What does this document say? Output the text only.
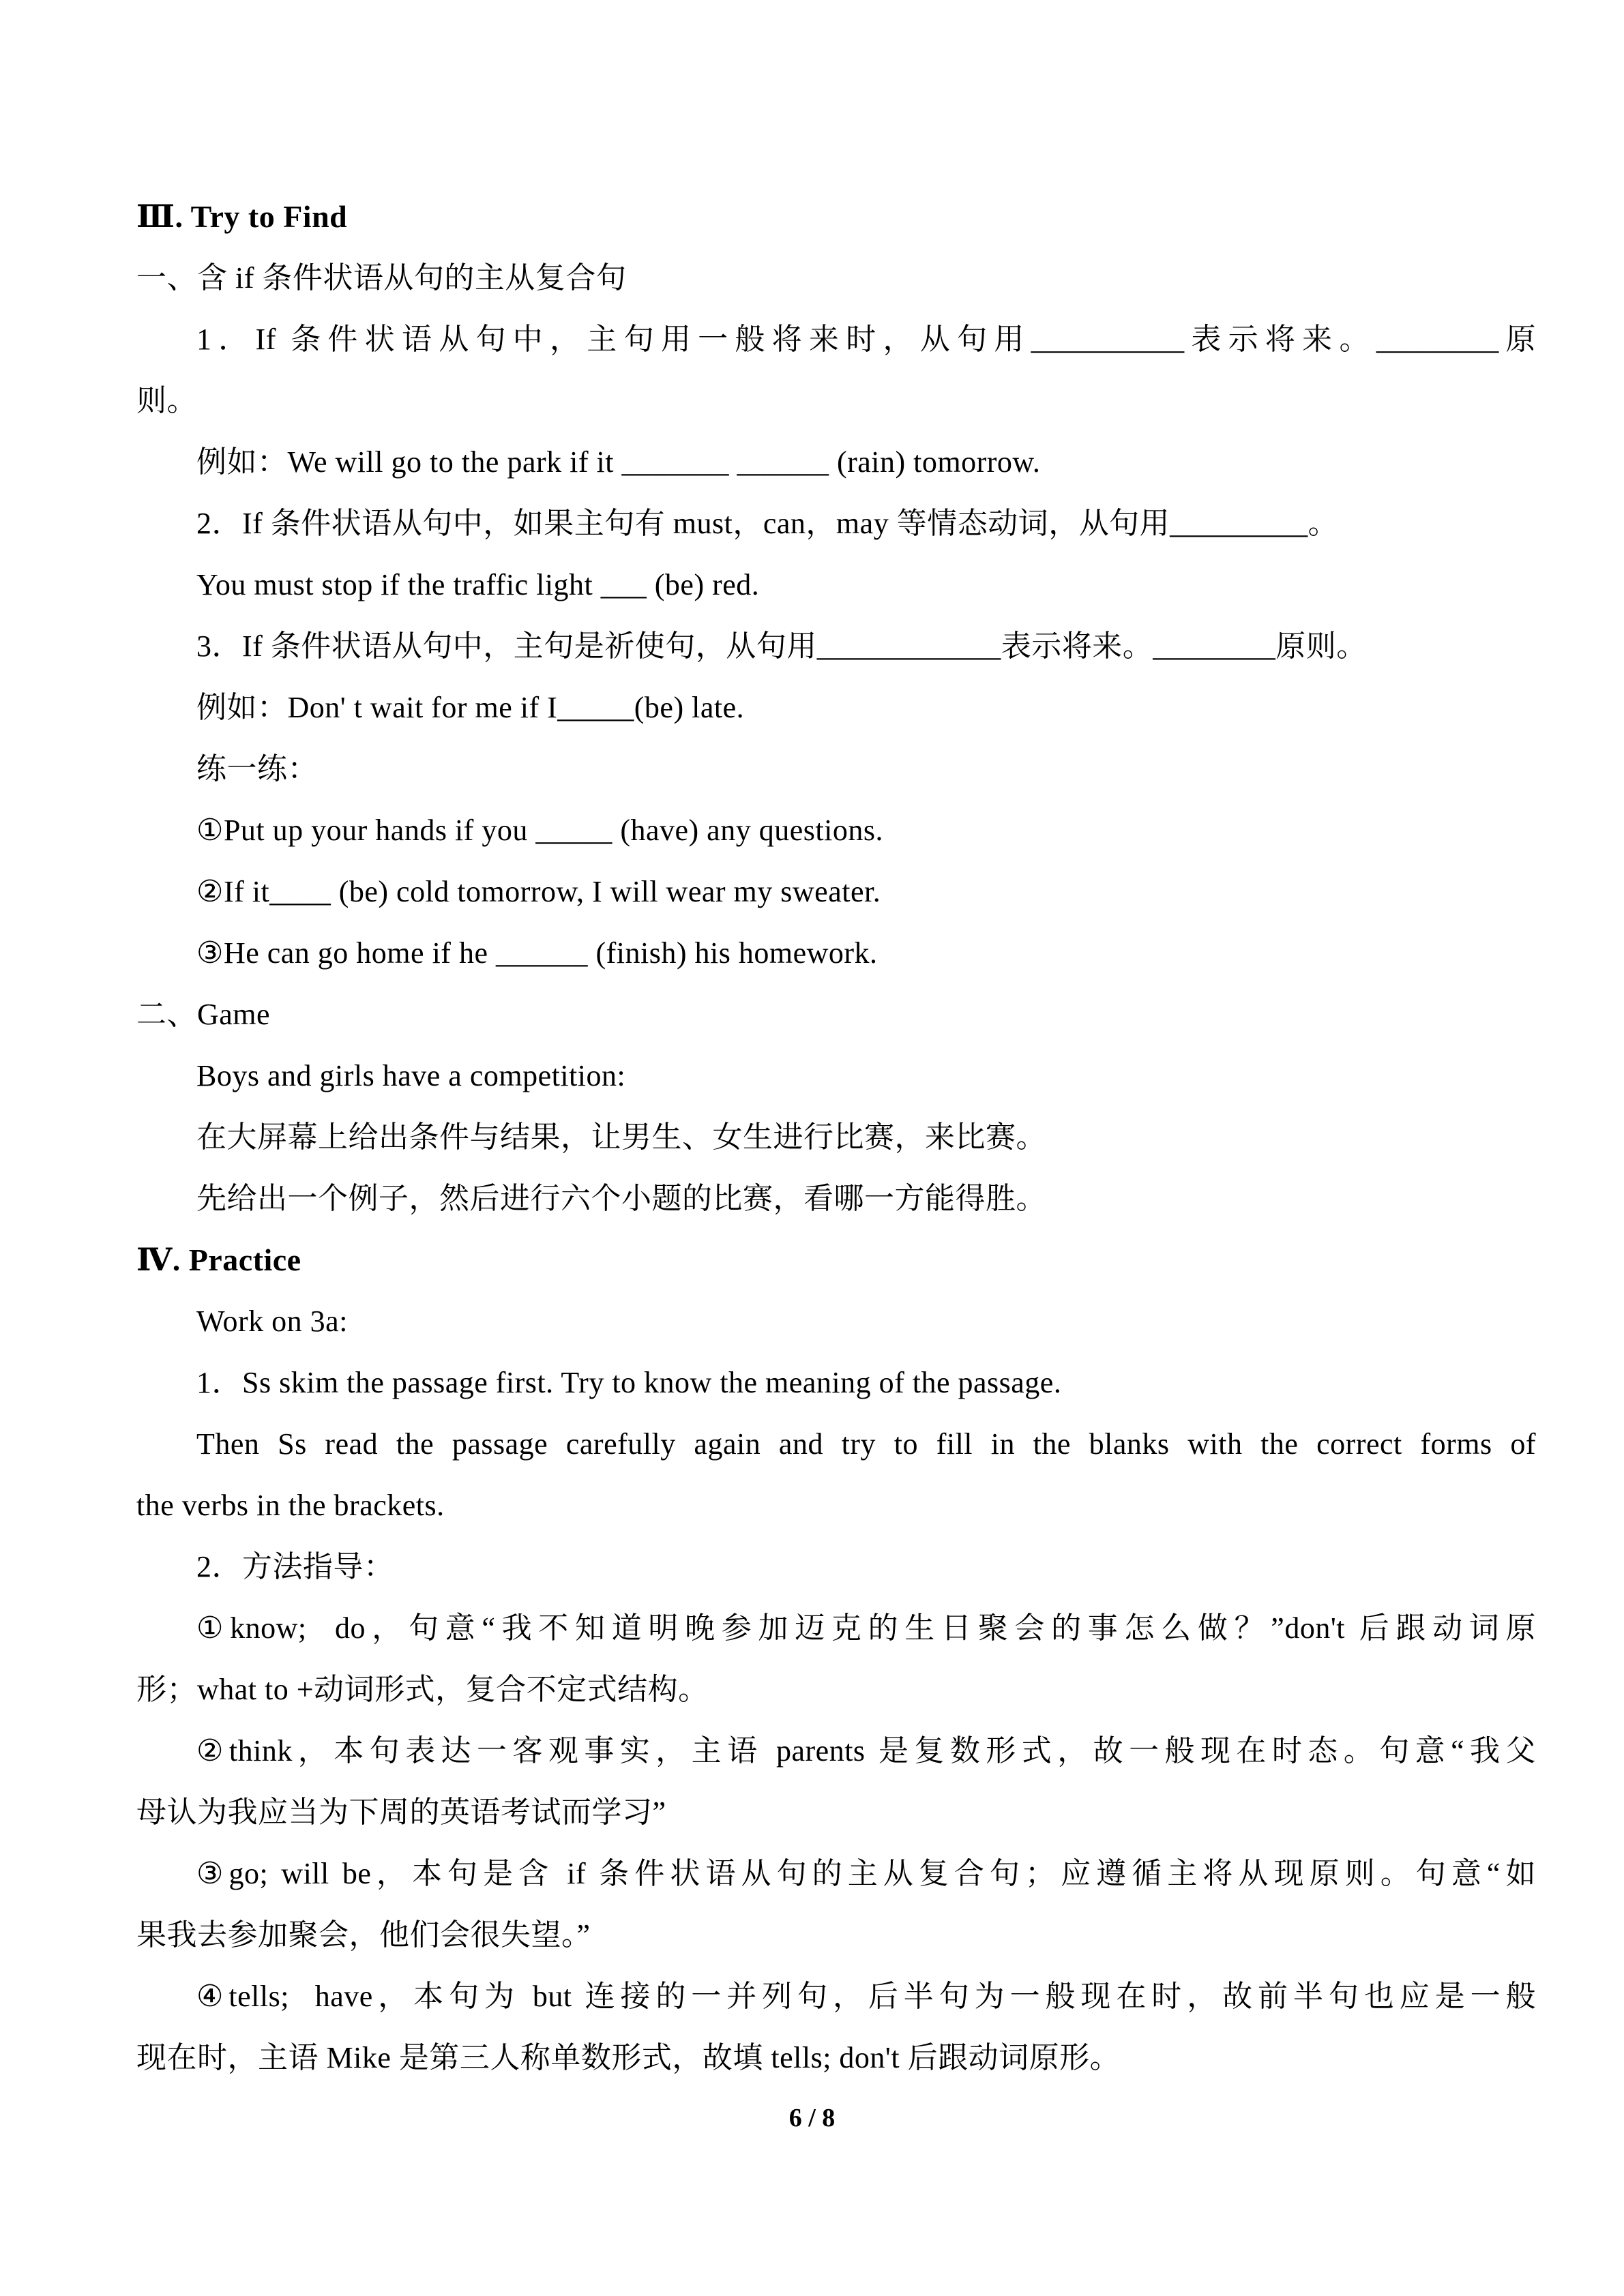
Ⅲ. Try to Find
一、含 if 条件状语从句的主从复合句
1．If 条件状语从句中，主句用一般将来时，从句用__________表示将来。________原
则。
例如：We will go to the park if it _______ ______ (rain) tomorrow.
2．If 条件状语从句中，如果主句有 must，can，may 等情态动词，从句用_________。
You must stop if the traffic light ___ (be) red.
3．If 条件状语从句中，主句是祈使句，从句用____________表示将来。________原则。
例如：Don' t wait for me if I_____(be) late.
练一练：
①Put up your hands if you _____ (have) any questions.
②If it____ (be) cold tomorrow, I will wear my sweater.
③He can go home if he ______ (finish) his homework.
二、Game
Boys and girls have a competition:
在大屏幕上给出条件与结果，让男生、女生进行比赛，来比赛。
先给出一个例子，然后进行六个小题的比赛，看哪一方能得胜。
Ⅳ. Practice
Work on 3a:
1．Ss skim the passage first. Try to know the meaning of the passage.
Then Ss read the passage carefully again and try to fill in the blanks with the correct forms of
the verbs in the brackets.
2．方法指导：
①know;  do，句意“我不知道明晚参加迈克的生日聚会的事怎么做？”don't 后跟动词原
形；what to +动词形式，复合不定式结构。
②think，本句表达一客观事实，主语 parents 是复数形式，故一般现在时态。句意“我父
母认为我应当为下周的英语考试而学习”
③go; will be，本句是含 if 条件状语从句的主从复合句；应遵循主将从现原则。句意“如
果我去参加聚会，他们会很失望。”
④tells;  have，本句为 but 连接的一并列句，后半句为一般现在时，故前半句也应是一般
现在时，主语 Mike 是第三人称单数形式，故填 tells; don't 后跟动词原形。
6 / 8
